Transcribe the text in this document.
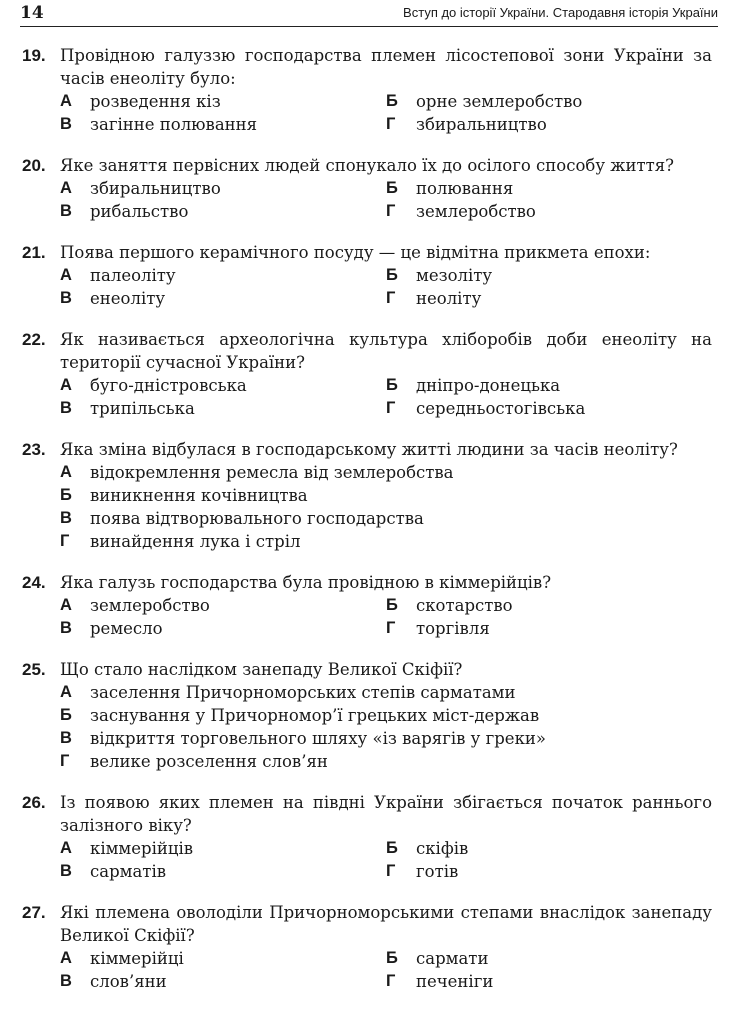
14	Вступ до історії України. Стародавня історія України
19. Провідною галуззю господарства племен лісостепової зони України за часів енеоліту було:
А	розведення кіз	Б	орне землеробство
В	загінне полювання	Г	збиральництво
20. Яке заняття первісних людей спонукало їх до осілого способу життя?
А	збиральництво	Б	полювання
В	рибальство	Г	землеробство
21. Поява першого керамічного посуду — це відмітна прикмета епохи:
А	палеоліту	Б	мезоліту
В	енеоліту	Г	неоліту
22. Як називається археологічна культура хліборобів доби енеоліту на території сучасної України?
А	буго-дністровська	Б	дніпро-донецька
В	трипільська	Г	середньостогівська
23. Яка зміна відбулася в господарському житті людини за часів неоліту?
А	відокремлення ремесла від землеробства
Б	виникнення кочівництва
В	поява відтворювального господарства
Г	винайдення лука і стріл
24. Яка галузь господарства була провідною в кіммерійців?
А	землеробство	Б	скотарство
В	ремесло	Г	торгівля
25. Що стало наслідком занепаду Великої Скіфії?
А	заселення Причорноморських степів сарматами
Б	заснування у Причорномор’ї грецьких міст-держав
В	відкриття торговельного шляху «із варягів у греки»
Г	велике розселення слов’ян
26. Із появою яких племен на півдні України збігається початок раннього залізного віку?
А	кіммерійців	Б	скіфів
В	сарматів	Г	готів
27. Які племена оволоділи Причорноморськими степами внаслідок занепаду Великої Скіфії?
А	кіммерійці	Б	сармати
В	слов’яни	Г	печеніги
